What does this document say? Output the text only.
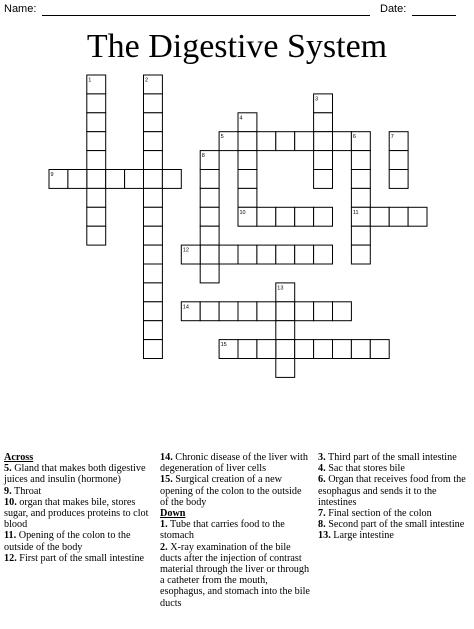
Name:	Date:
The Digestive System
1	2
3
4
5	6	7
8
9
10	11
12
13
14
15

Across

5. Gland that makes both digestive juices and insulin (hormone)

9. Throat

10. organ that makes bile, stores sugar, and produces proteins to clot blood

11. Opening of the colon to the outside of the body

12. First part of the small intestine

14. Chronic disease of the liver with degeneration of liver cells

15. Surgical creation of a new opening of the colon to the outside of the body

Down

1. Tube that carries food to the stomach

2. X-ray examination of the bile ducts after the injection of contrast material through the liver or through a catheter from the mouth, esophagus, and stomach into the bile ducts

3. Third part of the small intestine

4. Sac that stores bile

6. Organ that receives food from the esophagus and sends it to the intestines

7. Final section of the colon

8. Second part of the small intestine

13. Large intestine
